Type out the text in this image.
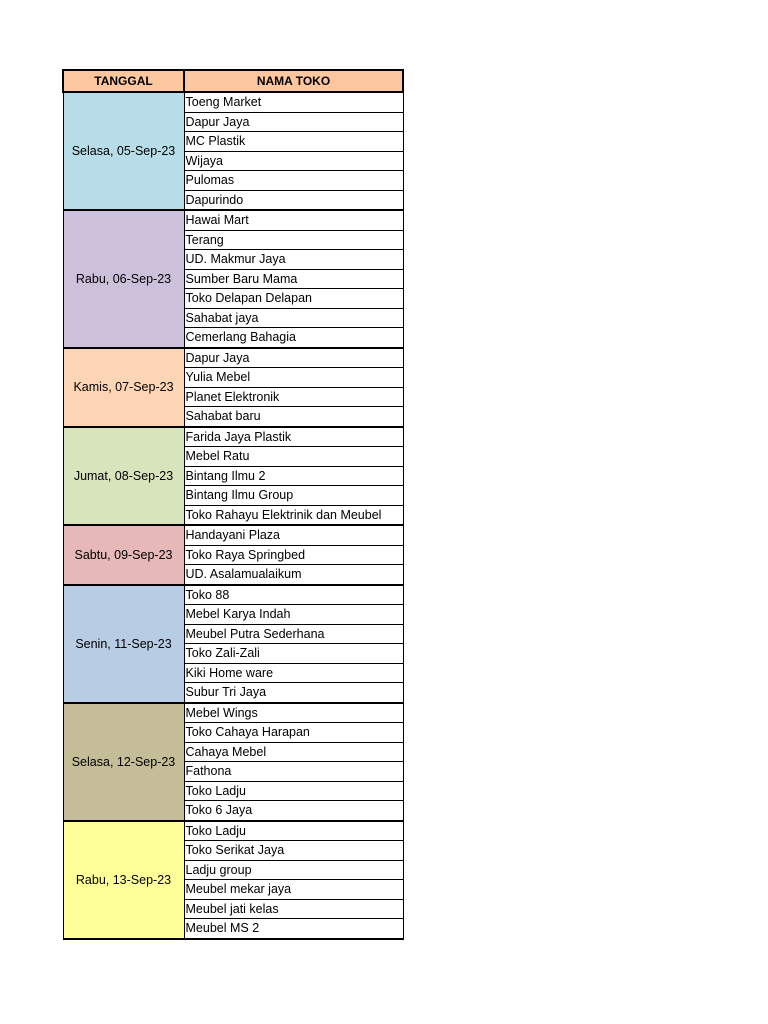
TANGGAL	NAMA TOKO
Selasa, 05-Sep-23	Toeng Market
	Dapur Jaya
	MC Plastik
	Wijaya
	Pulomas
	Dapurindo
Rabu, 06-Sep-23	Hawai Mart
	Terang
	UD. Makmur Jaya
	Sumber Baru Mama
	Toko Delapan Delapan
	Sahabat jaya
	Cemerlang Bahagia
Kamis, 07-Sep-23	Dapur Jaya
	Yulia Mebel
	Planet Elektronik
	Sahabat baru
Jumat, 08-Sep-23	Farida Jaya Plastik
	Mebel Ratu
	Bintang Ilmu 2
	Bintang Ilmu Group
	Toko Rahayu Elektrinik dan Meubel
Sabtu, 09-Sep-23	Handayani Plaza
	Toko Raya Springbed
	UD. Asalamualaikum
Senin, 11-Sep-23	Toko 88
	Mebel Karya Indah
	Meubel Putra Sederhana
	Toko Zali-Zali
	Kiki Home ware
	Subur Tri Jaya
Selasa, 12-Sep-23	Mebel Wings
	Toko Cahaya Harapan
	Cahaya Mebel
	Fathona
	Toko Ladju
	Toko 6 Jaya
Rabu, 13-Sep-23	Toko Ladju
	Toko Serikat Jaya
	Ladju group
	Meubel mekar jaya
	Meubel jati kelas
	Meubel MS 2
